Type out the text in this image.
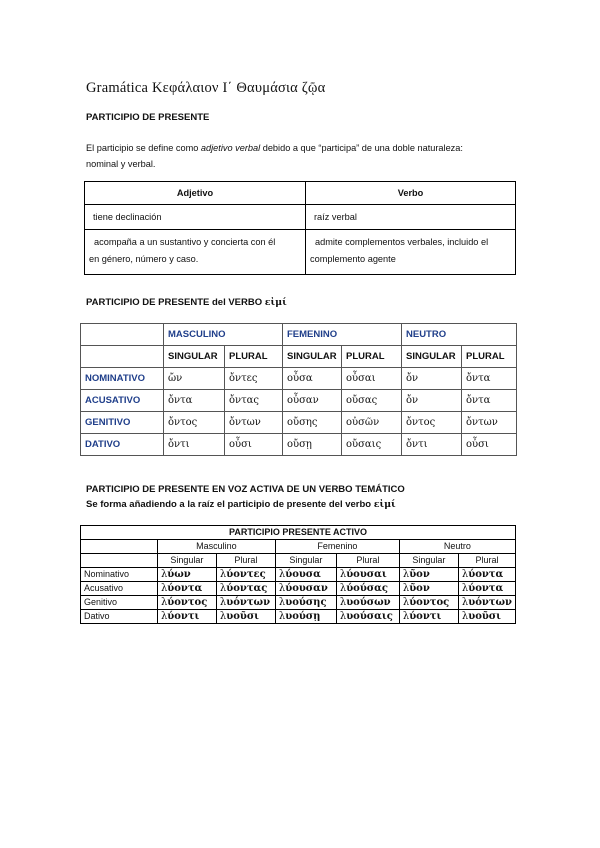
Gramática Κεφάλαιον Ι΄ Θαυμάσια ζῷα
PARTICIPIO DE PRESENTE
El participio se define como adjetivo verbal debido a que “participa” de una doble naturaleza:
nominal y verbal.
Adjetivo	Verbo
tiene declinación	raíz verbal
acompaña a un sustantivo y concierta con él
en género, número y caso.	admite complementos verbales, incluido el
complemento agente
PARTICIPIO DE PRESENTE del VERBO εἰμί
	MASCULINO		FEMENINO		NEUTRO	
	SINGULAR	PLURAL	SINGULAR	PLURAL	SINGULAR	PLURAL
NOMINATIVO	ὤν	ὄντες	οὖσα	οὖσαι	ὄν	ὄντα
ACUSATIVO	ὄντα	ὄντας	οὖσαν	οὔσας	ὄν	ὄντα
GENITIVO	ὄντος	ὄντων	οὔσης	οὐσῶν	ὄντος	ὄντων
DATIVO	ὄντι	οὖσι	οὔσῃ	οὔσαις	ὄντι	οὖσι
PARTICIPIO DE PRESENTE EN VOZ ACTIVA DE UN VERBO TEMÁTICO
Se forma añadiendo a la raíz el participio de presente del verbo εἰμί
PARTICIPIO PRESENTE ACTIVO						
	Masculino		Femenino		Neutro	
	Singular	Plural	Singular	Plural	Singular	Plural
Nominativo	λύων	λύοντες	λύουσα	λύουσαι	λῦον	λύοντα
Acusativo	λύοντα	λύοντας	λύουσαν	λύούσας	λῦον	λύοντα
Genitivo	λύοντος	λυόντων	λυούσης	λυούσων	λύοντος	λυόντων
Dativo	λύοντι	λυοῦσι	λυούσῃ	λυούσαις	λύοντι	λυοῦσι
